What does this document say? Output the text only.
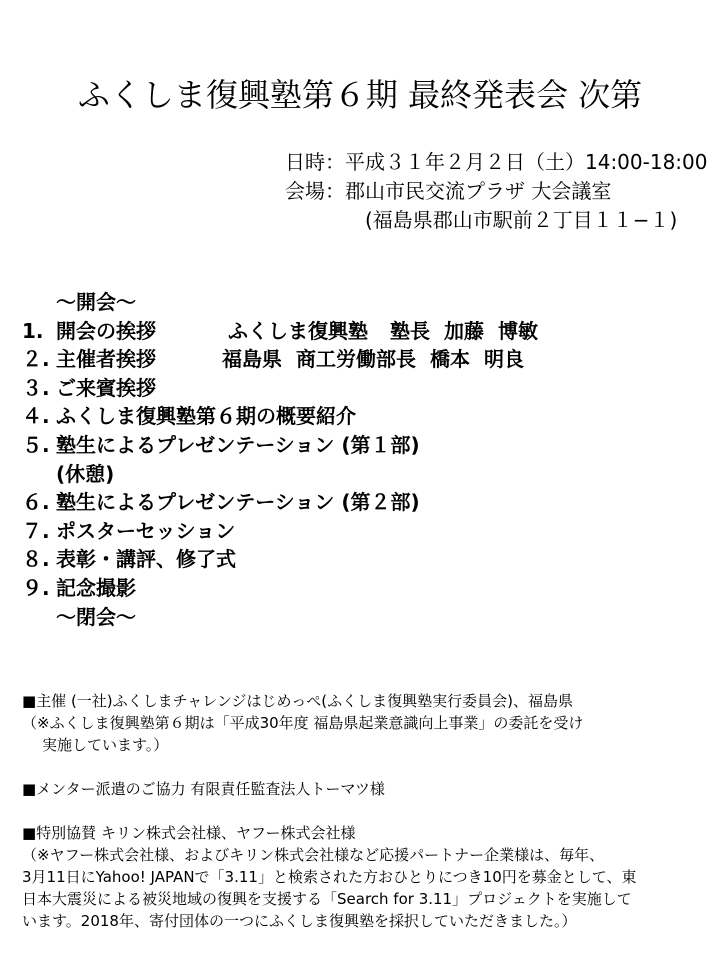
ふくしま復興塾第６期 最終発表会 次第
日時：平成３１年２月２日（土）14:00-18:00
会場：郡山市民交流プラザ 大会議室
(福島県郡山市駅前２丁目１１−１)
～開会～
1. 開会の挨拶	ふくしま復興塾 塾長 加藤 博敏
２. 主催者挨拶	福島県 商工労働部長 橋本 明良
３. ご来賓挨拶
４. ふくしま復興塾第６期の概要紹介
５. 塾生によるプレゼンテーション (第１部)
(休憩)
６. 塾生によるプレゼンテーション (第２部)
７. ポスターセッション
８. 表彰・講評、修了式
９. 記念撮影
～閉会～

■主催 (一社)ふくしまチャレンジはじめっぺ(ふくしま復興塾実行委員会)、福島県

（※ふくしま復興塾第６期は「平成30年度 福島県起業意識向上事業」の委託を受け

実施しています。）

■メンター派遣のご協力 有限責任監査法人トーマツ様

■特別協賛 キリン株式会社様、ヤフー株式会社様

（※ヤフー株式会社様、およびキリン株式会社様など応援パートナー企業様は、毎年、

3月11日にYahoo! JAPANで「3.11」と検索された方おひとりにつき10円を募金として、東

日本大震災による被災地域の復興を支援する「Search for 3.11」プロジェクトを実施して

います。2018年、寄付団体の一つにふくしま復興塾を採択していただきました。）
